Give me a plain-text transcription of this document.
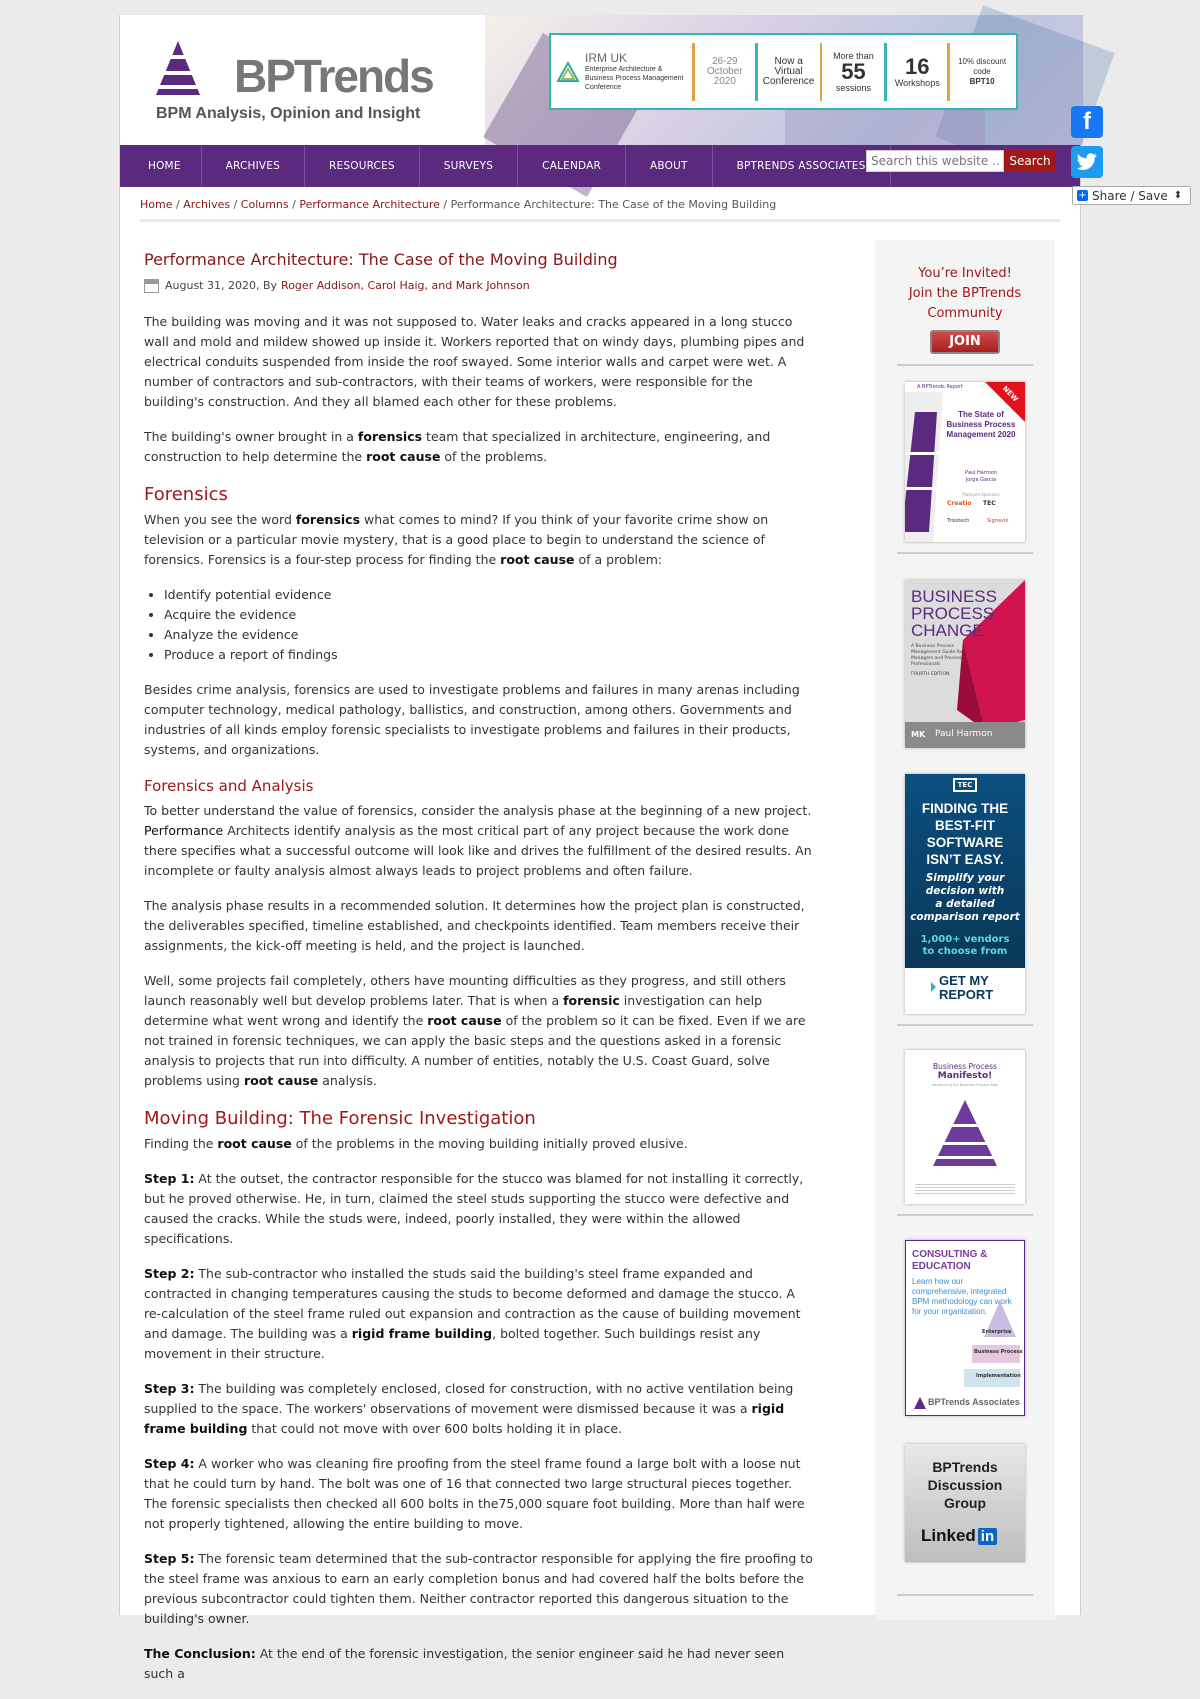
BPTrends
BPM Analysis, Opinion and Insight
IRM UK
Enterprise Architecture & Business Process Management Conference
26-29
October
2020
Now a
Virtual
Conference
More than
55
sessions
16
Workshops
10% discount
code
BPT10
HOME	ARCHIVES	RESOURCES	SURVEYS	CALENDAR	ABOUT	BPTRENDS ASSOCIATES
Search this website …	Search
Home / Archives / Columns / Performance Architecture / Performance Architecture: The Case of the Moving Building
Performance Architecture: The Case of the Moving Building
August 31, 2020 , By Roger Addison, Carol Haig, and Mark Johnson

The building was moving and it was not supposed to. Water leaks and cracks appeared in a long stucco wall and mold and mildew showed up inside it. Workers reported that on windy days, plumbing pipes and electrical conduits suspended from inside the roof swayed. Some interior walls and carpet were wet. A number of contractors and sub-contractors, with their teams of workers, were responsible for the building's construction. And they all blamed each other for these problems.

The building's owner brought in a forensics team that specialized in architecture, engineering, and construction to help determine the root cause of the problems.

Forensics

When you see the word forensics what comes to mind? If you think of your favorite crime show on television or a particular movie mystery, that is a good place to begin to understand the science of forensics. Forensics is a four-step process for finding the root cause of a problem:

• Identify potential evidence
• Acquire the evidence
• Analyze the evidence
• Produce a report of findings

Besides crime analysis, forensics are used to investigate problems and failures in many arenas including computer technology, medical pathology, ballistics, and construction, among others. Governments and industries of all kinds employ forensic specialists to investigate problems and failures in their products, systems, and organizations.

Forensics and Analysis

To better understand the value of forensics, consider the analysis phase at the beginning of a new project. Performance Architects identify analysis as the most critical part of any project because the work done there specifies what a successful outcome will look like and drives the fulfillment of the desired results. An incomplete or faulty analysis almost always leads to project problems and often failure.

The analysis phase results in a recommended solution. It determines how the project plan is constructed, the deliverables specified, timeline established, and checkpoints identified. Team members receive their assignments, the kick-off meeting is held, and the project is launched.

Well, some projects fail completely, others have mounting difficulties as they progress, and still others launch reasonably well but develop problems later. That is when a forensic investigation can help determine what went wrong and identify the root cause of the problem so it can be fixed. Even if we are not trained in forensic techniques, we can apply the basic steps and the questions asked in a forensic analysis to projects that run into difficulty. A number of entities, notably the U.S. Coast Guard, solve problems using root cause analysis.

Moving Building: The Forensic Investigation

Finding the root cause of the problems in the moving building initially proved elusive.

Step 1: At the outset, the contractor responsible for the stucco was blamed for not installing it correctly, but he proved otherwise. He, in turn, claimed the steel studs supporting the stucco were defective and caused the cracks. While the studs were, indeed, poorly installed, they were within the allowed specifications.

Step 2: The sub-contractor who installed the studs said the building's steel frame expanded and contracted in changing temperatures causing the studs to become deformed and damage the stucco. A re-calculation of the steel frame ruled out expansion and contraction as the cause of building movement and damage. The building was a rigid frame building, bolted together. Such buildings resist any movement in their structure.

Step 3: The building was completely enclosed, closed for construction, with no active ventilation being supplied to the space. The workers' observations of movement were dismissed because it was a rigid frame building that could not move with over 600 bolts holding it in place.

Step 4: A worker who was cleaning fire proofing from the steel frame found a large bolt with a loose nut that he could turn by hand. The bolt was one of 16 that connected two large structural pieces together. The forensic specialists then checked all 600 bolts in the75,000 square foot building. More than half were not properly tightened, allowing the entire building to move.

Step 5: The forensic team determined that the sub-contractor responsible for applying the fire proofing to the steel frame was anxious to earn an early completion bonus and had covered half the bolts before the previous subcontractor could tighten them. Neither contractor reported this dangerous situation to the building's owner.

The Conclusion: At the end of the forensic investigation, the senior engineer said he had never seen such a

You’re Invited!
Join the BPTrends
Community
JOIN
A BPTrends Report	NEW
The State of Business Process Management 2020
Paul Harmon
Jorge Garcia
Platinum Sponsors
Creatio TEC
Trisotech	Signavio
BUSINESS
PROCESS
CHANGE
A Business Process Management Guide for Managers and Process Professionals
FOURTH EDITION
MK Paul Harmon
TEC
FINDING THE
BEST-FIT
SOFTWARE
ISN’T EASY.
Simplify your
decision with
a detailed
comparison report
1,000+ vendors
to choose from
GET MY
REPORT
Business Process
Manifesto!
Introducing the Business Process Map
CONSULTING &
EDUCATION
Learn how our comprehensive, integrated BPM methodology can work for your organization.
Enterprise
Business Process
Implementation
BPTrends Associates
BPTrends
Discussion
Group
Linked in
f
+ Share / Save ⬍
